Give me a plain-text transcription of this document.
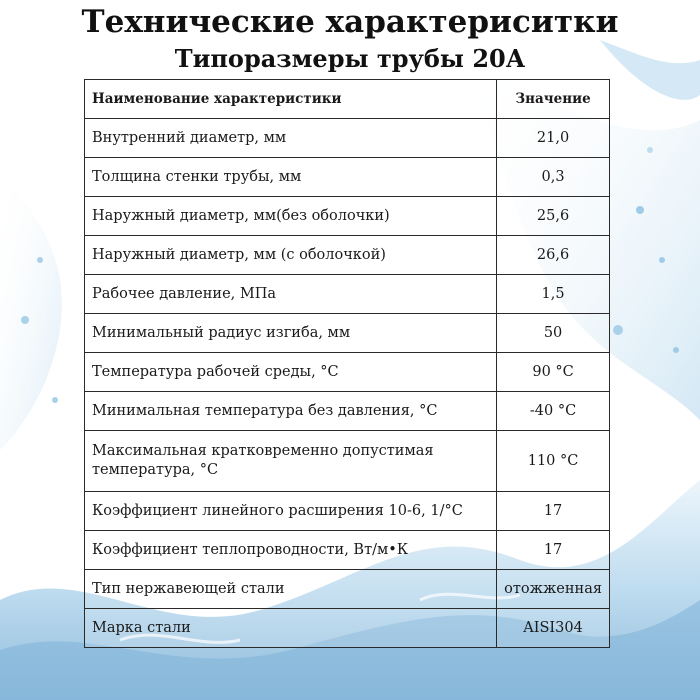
Технические характериситки
Типоразмеры трубы 20А
Наименование характеристики	Значение
Внутренний диаметр, мм	21,0
Толщина стенки трубы, мм	0,3
Наружный диаметр, мм(без оболочки)	25,6
Наружный диаметр, мм (с оболочкой)	26,6
Рабочее давление, МПа	1,5
Минимальный радиус изгиба, мм	50
Температура рабочей среды, °С	90 °С
Минимальная температура без давления, °С	-40 °С
Максимальная кратковременно допустимая температура, °С	110 °С
Коэффициент линейного расширения 10-6, 1/°С	17
Коэффициент теплопроводности, Вт/м•К	17
Тип нержавеющей стали	отожженная
Марка стали	AISI304
